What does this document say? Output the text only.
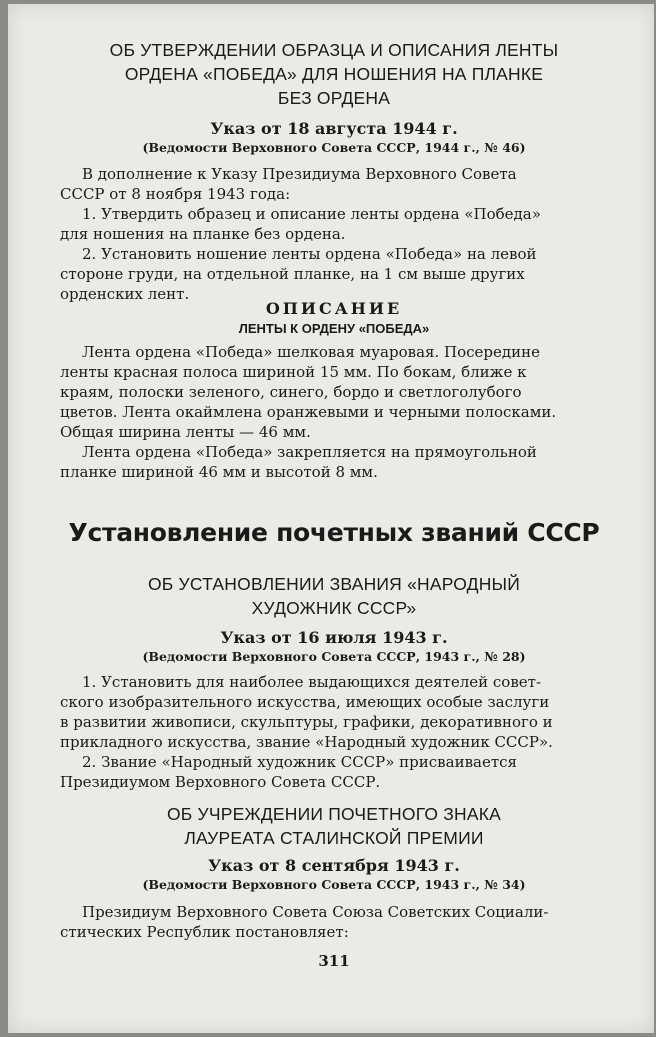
ОБ УТВЕРЖДЕНИИ ОБРАЗЦА И ОПИСАНИЯ ЛЕНТЫ
ОРДЕНА «ПОБЕДА» ДЛЯ НОШЕНИЯ НА ПЛАНКЕ
БЕЗ ОРДЕНА
Указ от 18 августа 1944 г.
(Ведомости Верховного Совета СССР, 1944 г., № 46)

В дополнение к Указу Президиума Верховного Совета

СССР от 8 ноября 1943 года:

1. Утвердить образец и описание ленты ордена «Победа»

для ношения на планке без ордена.

2. Установить ношение ленты ордена «Победа» на левой

стороне груди, на отдельной планке, на 1 см выше других

орденских лент.

ОПИСАНИЕ
ЛЕНТЫ К ОРДЕНУ «ПОБЕДА»

Лента ордена «Победа» шелковая муаровая. Посередине

ленты красная полоса шириной 15 мм. По бокам, ближе к

краям, полоски зеленого, синего, бордо и светлоголубого

цветов. Лента окаймлена оранжевыми и черными полосками.

Общая ширина ленты — 46 мм.

Лента ордена «Победа» закрепляется на прямоугольной

планке шириной 46 мм и высотой 8 мм.

Установление почетных званий СССР
ОБ УСТАНОВЛЕНИИ ЗВАНИЯ «НАРОДНЫЙ
ХУДОЖНИК СССР»
Указ от 16 июля 1943 г.
(Ведомости Верховного Совета СССР, 1943 г., № 28)

1. Установить для наиболее выдающихся деятелей совет-

ского изобразительного искусства, имеющих особые заслуги

в развитии живописи, скульптуры, графики, декоративного и

прикладного искусства, звание «Народный художник СССР».

2. Звание «Народный художник СССР» присваивается

Президиумом Верховного Совета СССР.

ОБ УЧРЕЖДЕНИИ ПОЧЕТНОГО ЗНАКА
ЛАУРЕАТА СТАЛИНСКОЙ ПРЕМИИ
Указ от 8 сентября 1943 г.
(Ведомости Верховного Совета СССР, 1943 г., № 34)

Президиум Верховного Совета Союза Советских Социали-

стических Республик постановляет:

311
